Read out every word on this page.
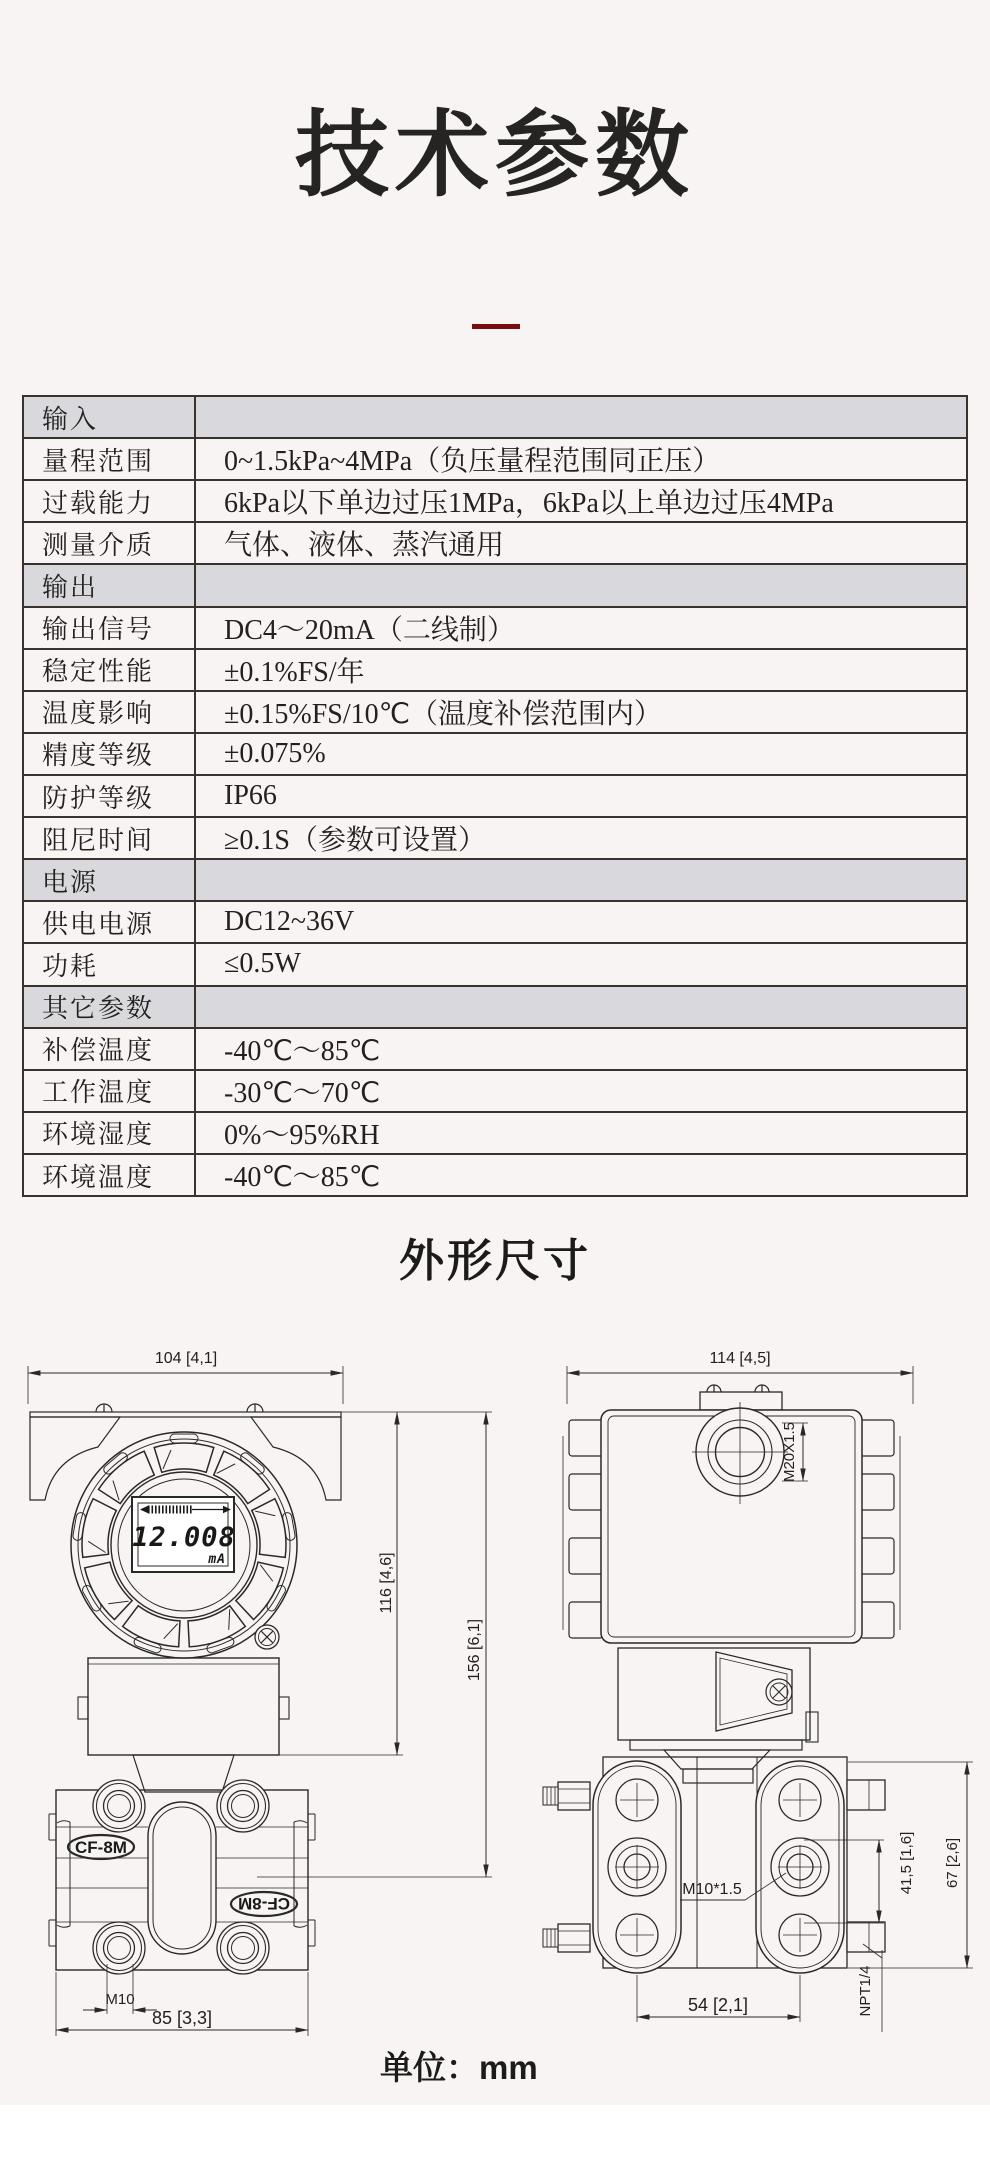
技术参数
输入
量程范围	0~1.5kPa~4MPa（负压量程范围同正压）
过载能力	6kPa以下单边过压1MPa，6kPa以上单边过压4MPa
测量介质	气体、液体、蒸汽通用
输出
输出信号	DC4～20mA（二线制）
稳定性能	±0.1%FS/年
温度影响	±0.15%FS/10℃（温度补偿范围内）
精度等级	±0.075%
防护等级	IP66
阻尼时间	≥0.1S（参数可设置）
电源
供电电源	DC12~36V
功耗	≤0.5W
其它参数
补偿温度	-40℃～85℃
工作温度	-30℃～70℃
环境湿度	0%～95%RH
环境温度	-40℃～85℃
外形尺寸
104 [4,1]
12.008
mA
CF-8M
CF-8M
M10
85 [3,3]
116 [4,6]
156 [6,1]
114 [4,5]
M20X1.5
M10*1.5	41,5 [1,6] 67 [2,6]
NPT1/4
54 [2,1]
单位：mm
